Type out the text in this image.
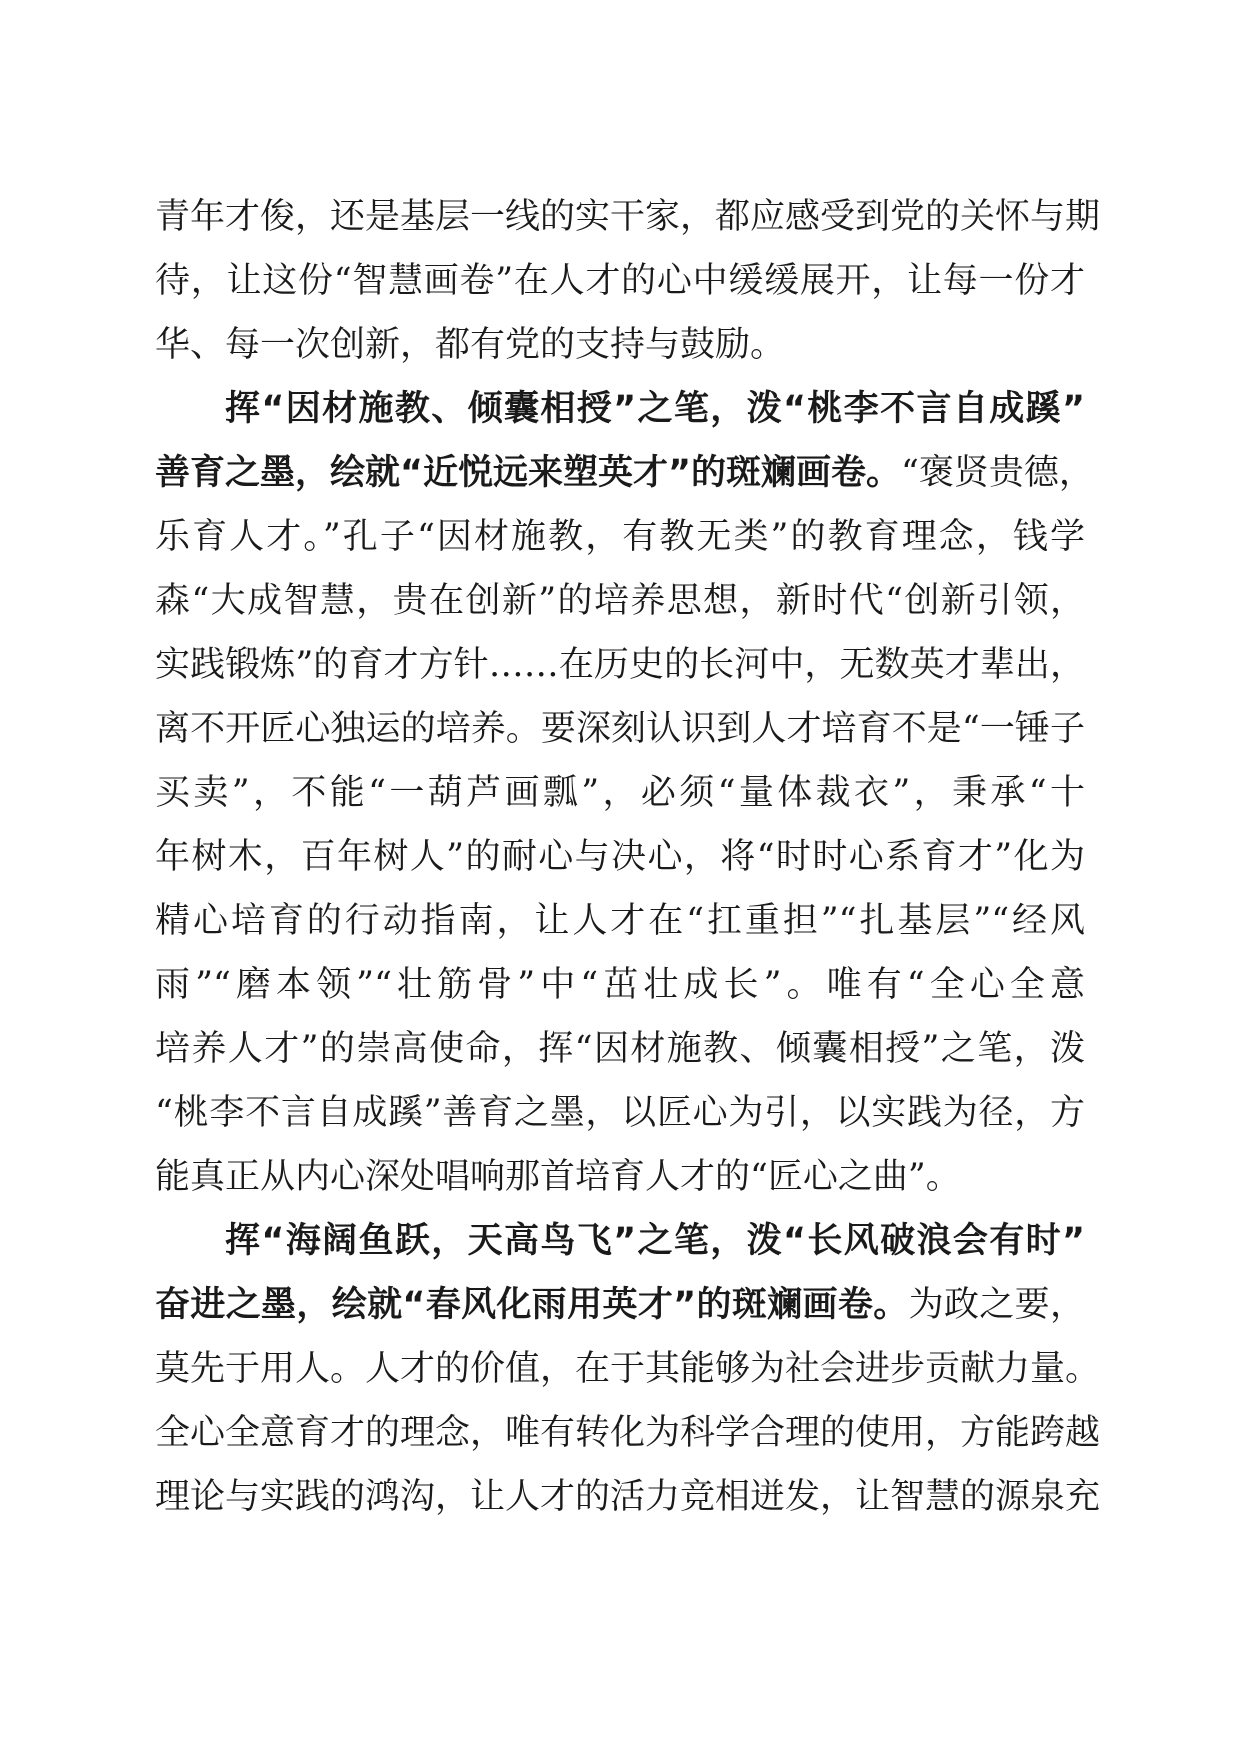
青年才俊，还是基层一线的实干家，都应感受到党的关怀与期
待，让这份“智慧画卷”在人才的心中缓缓展开，让每一份才
华、每一次创新，都有党的支持与鼓励。
挥“因材施教、倾囊相授”之笔，泼“桃李不言自成蹊”
善育之墨，绘就“近悦远来塑英才”的斑斓画卷。“褒贤贵德，
乐育人才。”孔子“因材施教，有教无类”的教育理念，钱学
森“大成智慧，贵在创新”的培养思想，新时代“创新引领，
实践锻炼”的育才方针……在历史的长河中，无数英才辈出，
离不开匠心独运的培养。要深刻认识到人才培育不是“一锤子
买卖”，不能“一葫芦画瓢”，必须“量体裁衣”，秉承“十
年树木，百年树人”的耐心与决心，将“时时心系育才”化为
精心培育的行动指南，让人才在“扛重担”“扎基层”“经风
雨”“磨本领”“壮筋骨”中“茁壮成长”。唯有“全心全意
培养人才”的崇高使命，挥“因材施教、倾囊相授”之笔，泼
“桃李不言自成蹊”善育之墨，以匠心为引，以实践为径，方
能真正从内心深处唱响那首培育人才的“匠心之曲”。
挥“海阔鱼跃，天高鸟飞”之笔，泼“长风破浪会有时”
奋进之墨，绘就“春风化雨用英才”的斑斓画卷。为政之要，
莫先于用人。人才的价值，在于其能够为社会进步贡献力量。
全心全意育才的理念，唯有转化为科学合理的使用，方能跨越
理论与实践的鸿沟，让人才的活力竞相迸发，让智慧的源泉充
